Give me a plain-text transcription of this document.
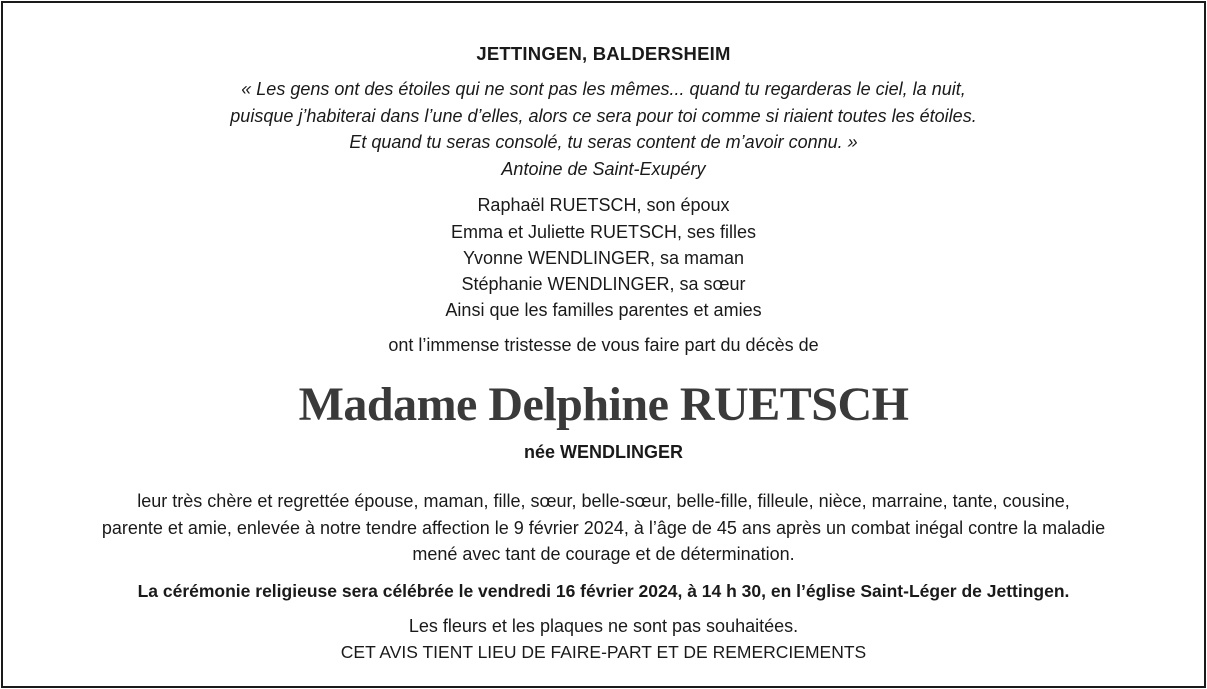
JETTINGEN, BALDERSHEIM
« Les gens ont des étoiles qui ne sont pas les mêmes... quand tu regarderas le ciel, la nuit,
puisque j’habiterai dans l’une d’elles, alors ce sera pour toi comme si riaient toutes les étoiles.
Et quand tu seras consolé, tu seras content de m’avoir connu. »
Antoine de Saint-Exupéry
Raphaël RUETSCH, son époux
Emma et Juliette RUETSCH, ses filles
Yvonne WENDLINGER, sa maman
Stéphanie WENDLINGER, sa sœur
Ainsi que les familles parentes et amies
ont l’immense tristesse de vous faire part du décès de
Madame Delphine RUETSCH
née WENDLINGER
leur très chère et regrettée épouse, maman, fille, sœur, belle-sœur, belle-fille, filleule, nièce, marraine, tante, cousine,
parente et amie, enlevée à notre tendre affection le 9 février 2024, à l’âge de 45 ans après un combat inégal contre la maladie
mené avec tant de courage et de détermination.
La cérémonie religieuse sera célébrée le vendredi 16 février 2024, à 14 h 30, en l’église Saint-Léger de Jettingen.
Les fleurs et les plaques ne sont pas souhaitées.
CET AVIS TIENT LIEU DE FAIRE-PART ET DE REMERCIEMENTS
